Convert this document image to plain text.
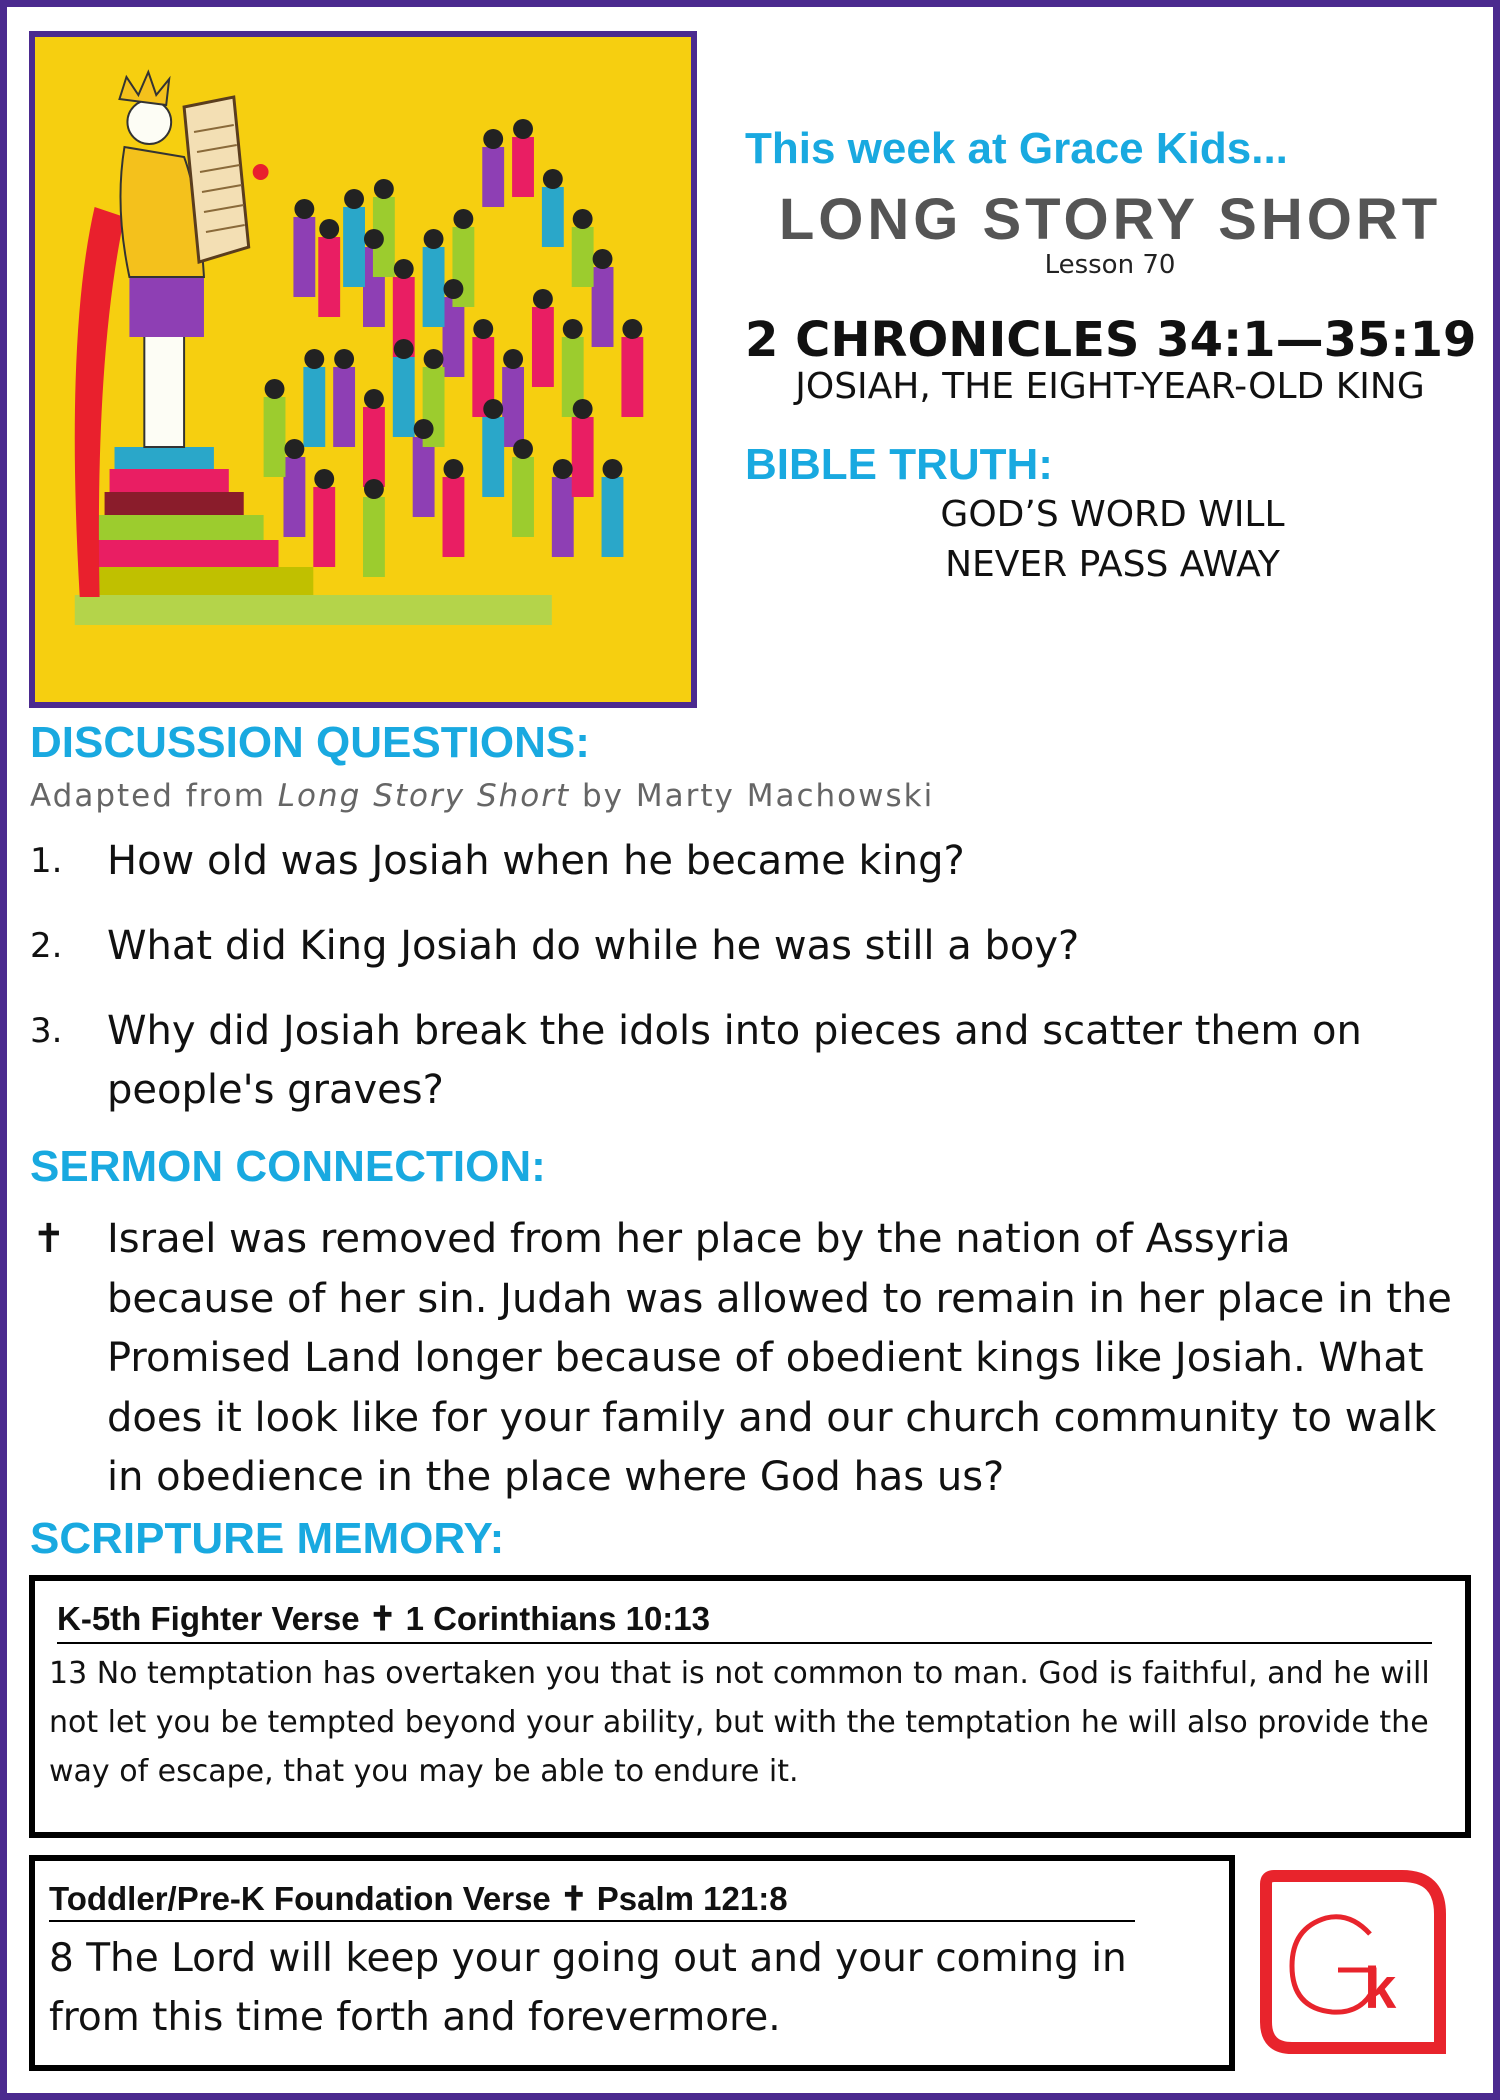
This week at Grace Kids...
LONG STORY SHORT
Lesson 70
2 CHRONICLES 34:1—35:19
JOSIAH, THE EIGHT-YEAR-OLD KING
BIBLE TRUTH:
GOD’S WORD WILL
NEVER PASS AWAY
DISCUSSION QUESTIONS:
Adapted from Long Story Short by Marty Machowski
1. How old was Josiah when he became king?
2. What did King Josiah do while he was still a boy?
3. Why did Josiah break the idols into pieces and scatter them on people's graves?
SERMON CONNECTION:
✝ Israel was removed from her place by the nation of Assyria because of her sin. Judah was allowed to remain in her place in the Promised Land longer because of obedient kings like Josiah. What does it look like for your family and our church community to walk in obedience in the place where God has us?
SCRIPTURE MEMORY:
K-5th Fighter Verse ✝ 1 Corinthians 10:13
13 No temptation has overtaken you that is not common to man. God is faithful, and he will not let you be tempted beyond your ability, but with the temptation he will also provide the way of escape, that you may be able to endure it.
Toddler/Pre-K Foundation Verse ✝ Psalm 121:8
8 The Lord will keep your going out and your coming in from this time forth and forevermore.	k
